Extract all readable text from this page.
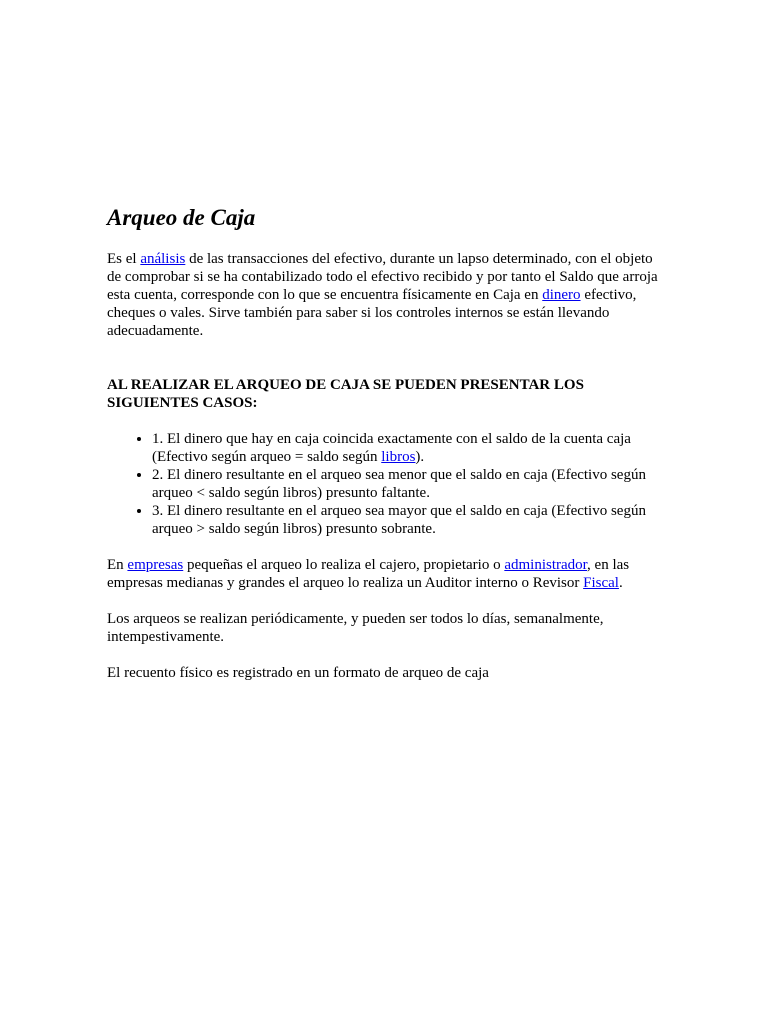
Arqueo de Caja

Es el análisis de las transacciones del efectivo, durante un lapso determinado, con el objeto de comprobar si se ha contabilizado todo el efectivo recibido y por tanto el Saldo que arroja esta cuenta, corresponde con lo que se encuentra físicamente en Caja en dinero efectivo, cheques o vales. Sirve también para saber si los controles internos se están llevando adecuadamente.

AL REALIZAR EL ARQUEO DE CAJA SE PUEDEN PRESENTAR LOS SIGUIENTES CASOS:

• 1. El dinero que hay en caja coincida exactamente con el saldo de la cuenta caja (Efectivo según arqueo = saldo según libros).
• 2. El dinero resultante en el arqueo sea menor que el saldo en caja (Efectivo según arqueo < saldo según libros) presunto faltante.
• 3. El dinero resultante en el arqueo sea mayor que el saldo en caja (Efectivo según arqueo > saldo según libros) presunto sobrante.

En empresas pequeñas el arqueo lo realiza el cajero, propietario o administrador, en las empresas medianas y grandes el arqueo lo realiza un Auditor interno o Revisor Fiscal.

Los arqueos se realizan periódicamente, y pueden ser todos lo días, semanalmente, intempestivamente.

El recuento físico es registrado en un formato de arqueo de caja
